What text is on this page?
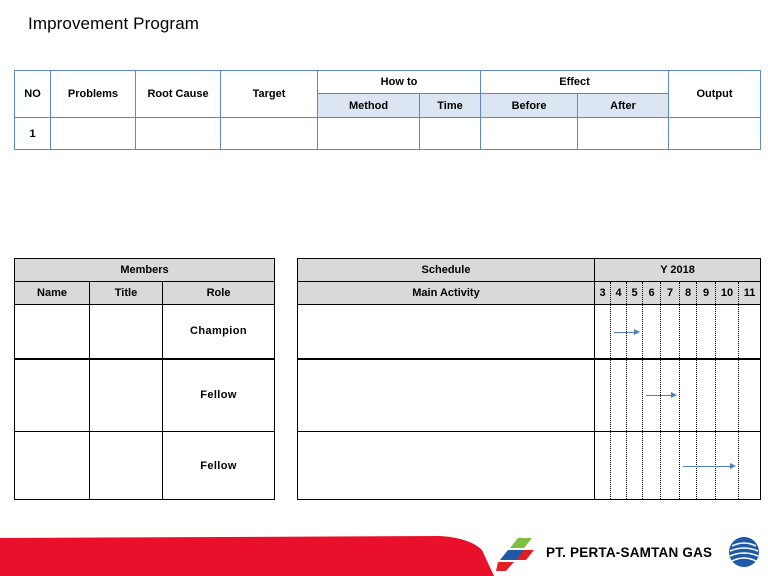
Improvement Program
NO	Problems	Root Cause	Target	How to		Effect		Output
				Method	Time	Before	After	
1								
Members		
Name	Title	Role
		Champion
		Fellow
		Fellow
Schedule	Y 2018								
Main Activity	3	4	5	6	7	8	9	10	11

PT. PERTA-SAMTAN GAS
